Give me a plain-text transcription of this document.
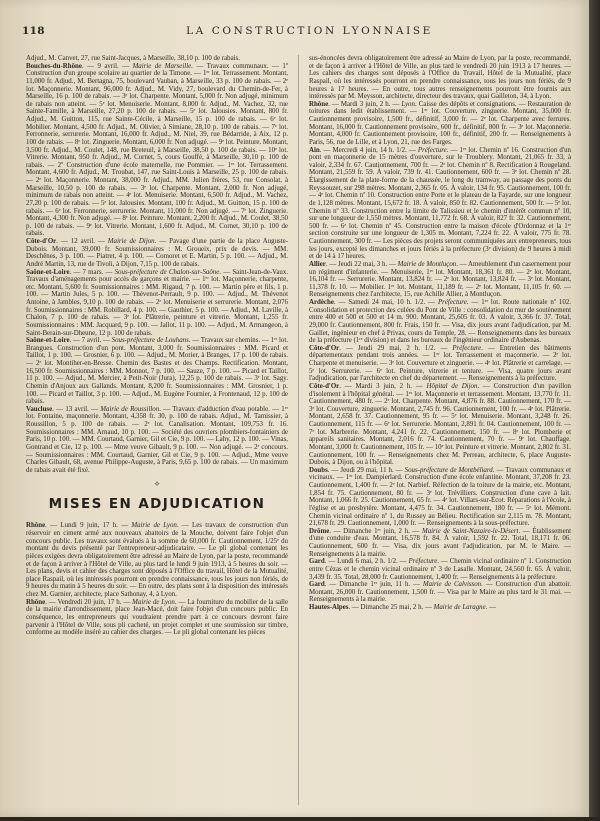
118	LA CONSTRUCTION LYONNAISE

Adjud., M. Canvet, 27, rue Saint-Jacques, à Marseille, 38,10 p. 100 de rabais.

Bouches-du-Rhône. — 9 avril. — Mairie de Marseille. — Travaux communaux. — 1º Construction d'un groupe scolaire au quartier de la Timone. — 1ᵉʳ lot. Terrassement. Montant, 11,000 fr. Adjud., M. Bertagna, 75, boulevard Vauban, à Marseille, 33 p. 100 de rabais. — 2ᵉ lot. Maçonnerie. Montant, 96,000 fr. Adjud., M. Vidy, 27, boulevard du Chemin-de-Fer, à Marseille, 16 p. 100 de rabais. — 3ᵉ lot. Charpente. Montant, 5,000 fr. Non adjugé, minimum de rabais non atteint. — 5ᵉ lot. Menuiserie. Montant, 8,000 fr. Adjud., M. Vachez, 32, rue Sainte-Famille, à Marseille, 27,20 p. 100 de rabais. — 5ᵉ lot. Jalousies. Montant, 800 fr. Adjud., M. Guitton, 115, rue Sainte-Cécile, à Marseille, 15 p. 100 de rabais. — 6ᵉ lot. Mobilier. Montant, 4,500 fr. Adjud., M. Olivier, à Simiane, 28,10 p. 100 de rabais. — 7ᵉ lot. Ferronnerie, serrurerie. Montant, 16,000 fr. Adjud., M. Niel, 39, rue Bédarride, à Aix, 12 p. 100 de rabais. — 8ᵉ lot. Zinguerie. Montant, 6,000 fr. Non adjugé. — 9ᵉ lot. Peinture. Montant, 3,500 fr. Adjud., M. Coulet, 148, rue Breteuil, à Marseille, 38,50 p. 100 de rabais. — 10ᵉ lot. Vitrerie. Montant, 950 fr. Adjud., M. Cornet, 5, cours Gouffé, à Marseille, 30,10 p. 100 de rabais. — 2º Construction d'une école maternelle, rue Pommier. — 1ᵉʳ lot. Terrassement. Montant, 4,600 fr. Adjud., M. Troubat, 147, rue Saint-Louis à Marseille, 25 p. 100 de rabais. — 2ᵉ lot. Maçonnerie. Montant, 38,000 fr. Adjud., MM. Julien frères, 53, rue Consolat, à Marseille, 10,50 p. 100 de rabais. — 3ᵉ lot. Charpente. Montant, 2,000 fr. Non adjugé, minimum de rabais non atteint. — 4ᵉ lot. Menuiserie. Montant, 6,500 fr. Adjud., M. Vachez, 27,20 p. 100 de rabais. — 5ᵉ lot. Jalousies. Montant, 100 fr. Adjud., M. Guitton, 15 p. 100 de rabais. — 6ᵉ lot. Ferronnerie, serrurerie. Montant, 11,000 fr. Non adjugé. — 7ᵉ lot. Zinguerie. Montant, 4,300 fr. Non adjugé. — 8ᵉ lot. Peinture. Montant, 2,200 fr. Adjud., M. Coulet, 38,50 p. 100 de rabais. — 9ᵉ lot. Vitrerie. Montant, 1,600 fr. Adjud., M. Cornet, 30,10 p. 100 de rabais.

Côte-d'Or. — 12 avril. — Mairie de Dijon. — Pavage d'une partie de la place Auguste-Dubois. Montant, 39,000 fr. Soumissionnaires : M. Groueix, prix de devis. — MM. Deschênes, 3 p. 100. — Piatret, 4 p. 100. — Comoret et E. Martin, 5 p. 100. — Adjud., M. André Martin, 13, rue de Tivoli, à Dijon, 7,15 p. 100 de rabais.

Saône-et-Loire. — 7 mars. — Sous-préfecture de Chalon-sur-Saône. — Saint-Jean-de-Vaux. Travaux d'aménagements pour accès de garçons et mairie. — 1ᵉʳ lot. Maçonnerie, charpente, etc. Montant, 5,600 fr. Soumissionnaires : MM. Rigaud, 7 p. 100. — Martin père et fils, 1 p. 100. — Martin Jules, 5 p. 100. — Thévenot-Perrault, 9 p. 100. — Adjud., M. Thévenot Antoine, à Jambles, 9,10 p. 100 de rabais. — 2ᵉ lot. Menuiserie et serrurerie. Montant, 2,076 fr. Soumissionnaires : MM. Robillard, 4 p. 100. — Gauthier, 5 p. 100. — Adjud., M. Laville, à Chalon, 7 p. 100 de rabais. — 3ᵉ lot. Plâtrerie, peinture et vitrerie. Montant, 1,255 fr. Soumissionnaires : MM. Jacquard, 9 p. 100. — Jallot, 11 p. 100. — Adjud., M. Armangeon, à Saint-Berain-sur-Dheune, 12 p. 100 de rabais.

Saône-et-Loire. — 7 avril. — Sous-préfecture de Louhans. — Travaux sur chemins. — 1ᵉʳ lot. Brangues. Construction d'un pont. Montant, 3,000 fr. Soumissionnaires : MM. Picard et Taillot, 1 p. 100. — Grosnier, 6 p. 100. — Adjud., M. Morier, à Branges, 17 p. 100 de rabais. — 2ᵉ lot. Montiher-en-Bresse. Chemin des Bastes et des Champs. Rectification. Montant, 16,500 fr. Soumissionnaires : MM. Monnot, 7 p. 100. — Sauze, 7 p. 100. — Picard et Taillot, 11 p. 100. — Adjud., M. Mercier, à Petit-Noir (Jura), 12,25 p. 100 de rabais. — 3ᵉ lot. Sagy. Chemin d'Anjoux aux Gallands. Montant, 8,200 fr. Soumissionnaires : MM. Grosnier, 1 p. 100. — Picard et Taillot, 3 p. 100. — Adjud., M. Eugène Fournier, à Frontenaud, 12 p. 100 de rabais.

Vaucluse. — 13 avril. — Mairie de Roussillon. — Travaux d'adduction d'eau potable. — 1ᵉʳ lot. Fontaine, maçonnerie. Montant, 4,358 fr. 30, p. 100 de rabais. Adjud., M. Tamissier, à Roussillon, 5 p. 100 de rabais. — 2ᵉ lot. Canalisation. Montant, 109,753 fr. 16. Soumissionnaires : MM. Arnaud, 10 p. 100. — Société des ouvriers plombiers-fontainiers de Paris, 10 p. 100. — MM. Courtaud, Garnier, Gil et Cie, 9 p. 100. — Lahy, 12 p. 100. — Vinas, Gontrand et Cie, 12 p. 100. — Mme veuve Gibault, 9 p. 100. — Non adjugé. — 2ᵉ concours. — Soumissionnaires : MM. Courtaud, Garnier, Gil et Cie, 9 p. 100. — Adjud., Mme veuve Charles Gibault, 68, avenue Philippe-Auguste, à Paris, 9,65 p. 100 de rabais. — Un maximum de rabais avait été fixé.

⟡
MISES EN ADJUDICATION

Rhône. — Lundi 9 juin, 17 h. — Mairie de Lyon. — Les travaux de construction d'un réservoir en ciment armé aux nouveaux abattoirs de la Mouche, doivent faire l'objet d'un concours public. Les travaux sont évalués à la somme de 60,000 fr. Cautionnement, 1/25ᵉ du montant du devis présenté par l'entrepreneur-adjudicataire. — Le pli global contenant les pièces exigées devra obligatoirement être adressé au Maire de Lyon, par la poste, recommandé et de façon à arriver à l'Hôtel de Ville, au plus tard le lundi 9 juin 1913, à 5 heures du soir. — Les plans, devis et cahier des charges sont déposés à l'Office du travail, Hôtel de la Mutualité, place Raspail, où les intéressés pourront en prendre connaissance, tous les jours non fériés, de 9 heures du matin à 5 heures du soir. — En outre, des plans sont à la disposition des intéressés chez M. Garnier, architecte, place Sathonay, 4, à Lyon.

Rhône. — Vendredi 20 juin, 17 h. — Mairie de Lyon. — La fourniture du mobilier de la salle de la mairie d'arrondissement, place Jean-Macé, doit faire l'objet d'un concours public. En conséquence, les entrepreneurs qui voudraient prendre part à ce concours devront faire parvenir à l'Hôtel de Ville, sous pli cacheté, un projet complet et une soumission sur timbre, conforme au modèle inséré au cahier des charges. — Le pli global contenant les pièces

sus-énoncées devra obligatoirement être adressé au Maire de Lyon, par la poste, recommandé, et de façon à arriver à l'Hôtel de Ville, au plus tard le vendredi 20 juin 1913 à 17 heures. — Les cahiers des charges sont déposés à l'Office du Travail, Hôtel de la Mutualité, place Raspail, où les intéressés pourront en prendre connaissance, tous les jours non fériés, de 9 heures à 17 heures. — En outre, tous autres renseignements pourront être fournis aux intéressés par M. Meysson, architecte, directeur des travaux, quai Gailleton, 34, à Lyon.

Rhône. — Mardi 3 juin, 2 h. — Lyon. Caisse des dépôts et consignations. — Restauration de toitures dans ledit établissement. — 1ᵉʳ lot. Couverture, zinguerie. Montant, 35,000 fr. Cautionnement provisoire, 1,500 fr., définitif, 3,000 fr. — 2ᵉ lot. Charpente avec ferrures. Montant, 16,000 fr. Cautionnement provisoire, 600 fr., définitif, 800 fr. — 3ᵉ lot. Maçonnerie. Montant, 4,000 fr. Cautionnement provisoire, 100 fr., définitif, 200 fr. — Renseignements à Paris, 56, rue de Lille, et à Lyon, 21, rue des Farges.

Ain. — Mercredi 4 juin, 14 h. 1/2. — Préfecture. — 1ᵉʳ lot. Chemin nº 16. Construction d'un pont en maçonnerie de 15 mètres d'ouverture, sur le Troublery. Montant, 21,065 fr. 33, à valoir, 2,334 fr. 67. Cautionnement, 700 fr. — 2ᵉ lot. Chemin nº 8. Rectification à Rougeland. Montant, 21,559 fr. 59. À valoir, 739 fr. 41. Cautionnement, 600 fr. — 3ᵉ lot. Chemin nº 28. Élargissement de la plate-forme de la chaussée, le long du tramway, au passage des ponts du Reyssouzet, sur 298 mètres. Montant, 2,365 fr. 05. À valoir, 134 fr. 95. Cautionnement, 100 fr. — 4ᵉ lot. Chemin nº 10. Construction entre Porte et le plateau de la Fayarde, sur une longueur de 1,128 mètres. Montant, 15,672 fr. 18. À valoir, 850 fr. 82. Cautionnement, 500 fr. — 5ᵉ lot. Chemin nº 33. Construction entre la limite de Talissieu et le chemin d'intérêt commun nº 10, sur une longueur de 1,550 mètres. Montant, 11,772 fr. 68. À valoir, 827 fr. 32. Cautionnement, 500 fr. — 6ᵉ lot. Chemin nº 45. Construction entre la maison d'école d'Ordonnaz et la 1ʳᵉ section construite sur une longueur de 1,305 m. Montant, 7,224 fr. 22. À valoir, 775 fr. 78. Cautionnement, 300 fr. — Les pièces des projets seront communiquées aux entrepreneurs, tous les jours, excepté les dimanches et jours fériés à la préfecture (3ᵉ division) de 9 heures à midi et de 14 à 17 heures.

Allier. — Jeudi 22 mai, 3 h. — Mairie de Montluçon. — Ameublement d'un casernement pour un régiment d'infanterie. — Menuiserie, 1ᵉʳ lot. Montant, 18,361 fr. 80. — 2ᵉ lot. Montant, 16,104 fr. — Serrurerie. Montant, 13,824 fr. — 2ᵉ lot. Montant, 13,824 fr. — 3ᵉ lot. Montant, 11,378 fr. 10. — Mobilier. 1ᵉʳ lot. Montant, 11,189 fr. — 2ᵉ lot. Montant, 11,105 fr. 60. — Renseignements chez l'architecte, 15, rue Achille Allier, à Montluçon.

Ardèche. — Samedi 24 mai, 10 h. 1/2. — Préfecture. — 1ᵉʳ lot. Route nationale nº 102. Consolidation et protection des culées du Pont de Ville : consolidation du mur de soutènement entre 400 et 500 et 500 et 14 m. 900. Montant, 25,605 fr. 03. À valoir, 3,366 fr. 37. Total, 29,000 fr. Cautionnement, 800 fr. Frais, 150 fr. — Visa, dix jours avant l'adjudication, par M. Gaillet, ingénieur en chef à Privas, cours du Temple, 28. — Renseignements dans les bureaux de la préfecture (1ʳᵉ division) et dans les bureaux de l'ingénieur ordinaire d'Aubenas.

Côte-d'Or. — Jeudi 29 mai, 2 h. 1/2. — Préfecture. — Entretien des bâtiments départementaux pendant trois années. — 1ᵉʳ lot. Terrassement et maçonnerie. — 2ᵉ lot. Charpente et menuiserie. — 3ᵉ lot. Couverture et zinguerie. — 4ᵉ lot. Plâtrerie et carrelage. — 5ᵉ lot. Serrurerie. — 6ᵉ lot. Peinture, vitrerie et tenture. — Visa, quatre jours avant l'adjudication, par l'architecte en chef du département. — Renseignements à la préfecture.

Côte-d'Or. — Mardi 3 juin, 2 h. — Hôpital de Dijon. — Construction d'un pavillon d'isolement à l'hôpital général. — 1ᵉʳ lot. Maçonnerie et terrassement. Montant, 13,770 fr. 11. Cautionnement, 480 fr. — 2ᵉ lot. Charpente. Montant, 4,876 fr. 88. Cautionnement, 170 fr. — 3ᵉ lot. Couverture, zinguerie. Montant, 2,745 fr. 96. Cautionnement, 100 fr. — 4ᵉ lot. Plâtrerie. Montant, 2,658 fr. 37. Cautionnement, 95 fr. — 5ᵉ lot. Menuiserie. Montant, 3,248 fr. 26. Cautionnement, 115 fr. — 6ᵉ lot. Serrurerie. Montant, 2,891 fr. 04. Cautionnement, 100 fr. — 7ᵉ lot. Marbrerie. Montant, 4,241 fr. 22. Cautionnement, 150 fr. — 8ᵉ lot. Plomberie et appareils sanitaires. Montant, 2,016 fr. 74. Cautionnement, 70 fr. — 9ᵉ lot. Chauffage. Montant, 3,000 fr. Cautionnement, 105 fr. — 10ᵉ lot. Peinture et vitrerie. Montant, 2,802 fr. 31. Cautionnement, 100 fr. — Renseignements chez M. Perreau, architecte, 6, place Auguste-Dubois, à Dijon, ou à l'hôpital.

Doubs. — Jeudi 29 mai, 11 h. — Sous-préfecture de Montbéliard. — Travaux communaux et vicinaux. — 1ᵉʳ lot. Dampierlard. Construction d'une école enfantine. Montant, 37,208 fr. 23. Cautionnement, 1,400 fr. — 2ᵉ lot. Narbief. Réfection de la toiture de la mairie, etc. Montant, 1,854 fr. 75. Cautionnement, 80 fr. — 3ᵉ lot. Trévilliers. Construction d'une cave à lait. Montant, 1,066 fr. 25. Cautionnement, 65 fr. — 4ᵉ lot. Villars-sur-Écot. Réparations à l'école, à l'église et au presbytère. Montant, 4,475 fr. 34. Cautionnement, 180 fr. — 5ᵉ lot. Mémont. Chemin vicinal ordinaire nº 1, du Russey au Bélieu. Rectification sur 2,115 m. 78. Montant, 21,678 fr. 29. Cautionnement, 1,000 fr. — Renseignements à la sous-préfecture.

Drôme. — Dimanche 1ᵉʳ juin, 2 h. — Mairie de Saint-Nazaire-le-Désert. — Établissement d'une conduite d'eau. Montant, 16,578 fr. 84. À valoir, 1,592 fr. 22. Total, 18,171 fr. 06. Cautionnement, 600 fr. — Visa, dix jours avant l'adjudication, par M. le Maire. — Renseignements à la mairie.

Gard. — Lundi 6 mai, 2 h. 1/2. — Préfecture. — Chemin vicinal ordinaire nº 1. Construction entre Cézas et le chemin vicinal ordinaire nº 3 de Lasalle. Montant, 24,560 fr. 65. À valoir, 3,439 fr. 35. Total, 28,000 fr. Cautionnement, 1,400 fr. — Renseignements à la préfecture.

Gard. — Dimanche 1ᵉʳ juin, 11 h. — Mairie de Calvisson. — Construction d'un abattoir. Montant, 26,000 fr. Cautionnement, 1,500 fr. — Visa par le Maire au plus tard le 31 mai. — Renseignements à la mairie.

Hautes-Alpes. — Dimanche 25 mai, 2 h. — Mairie de Laragne. —
